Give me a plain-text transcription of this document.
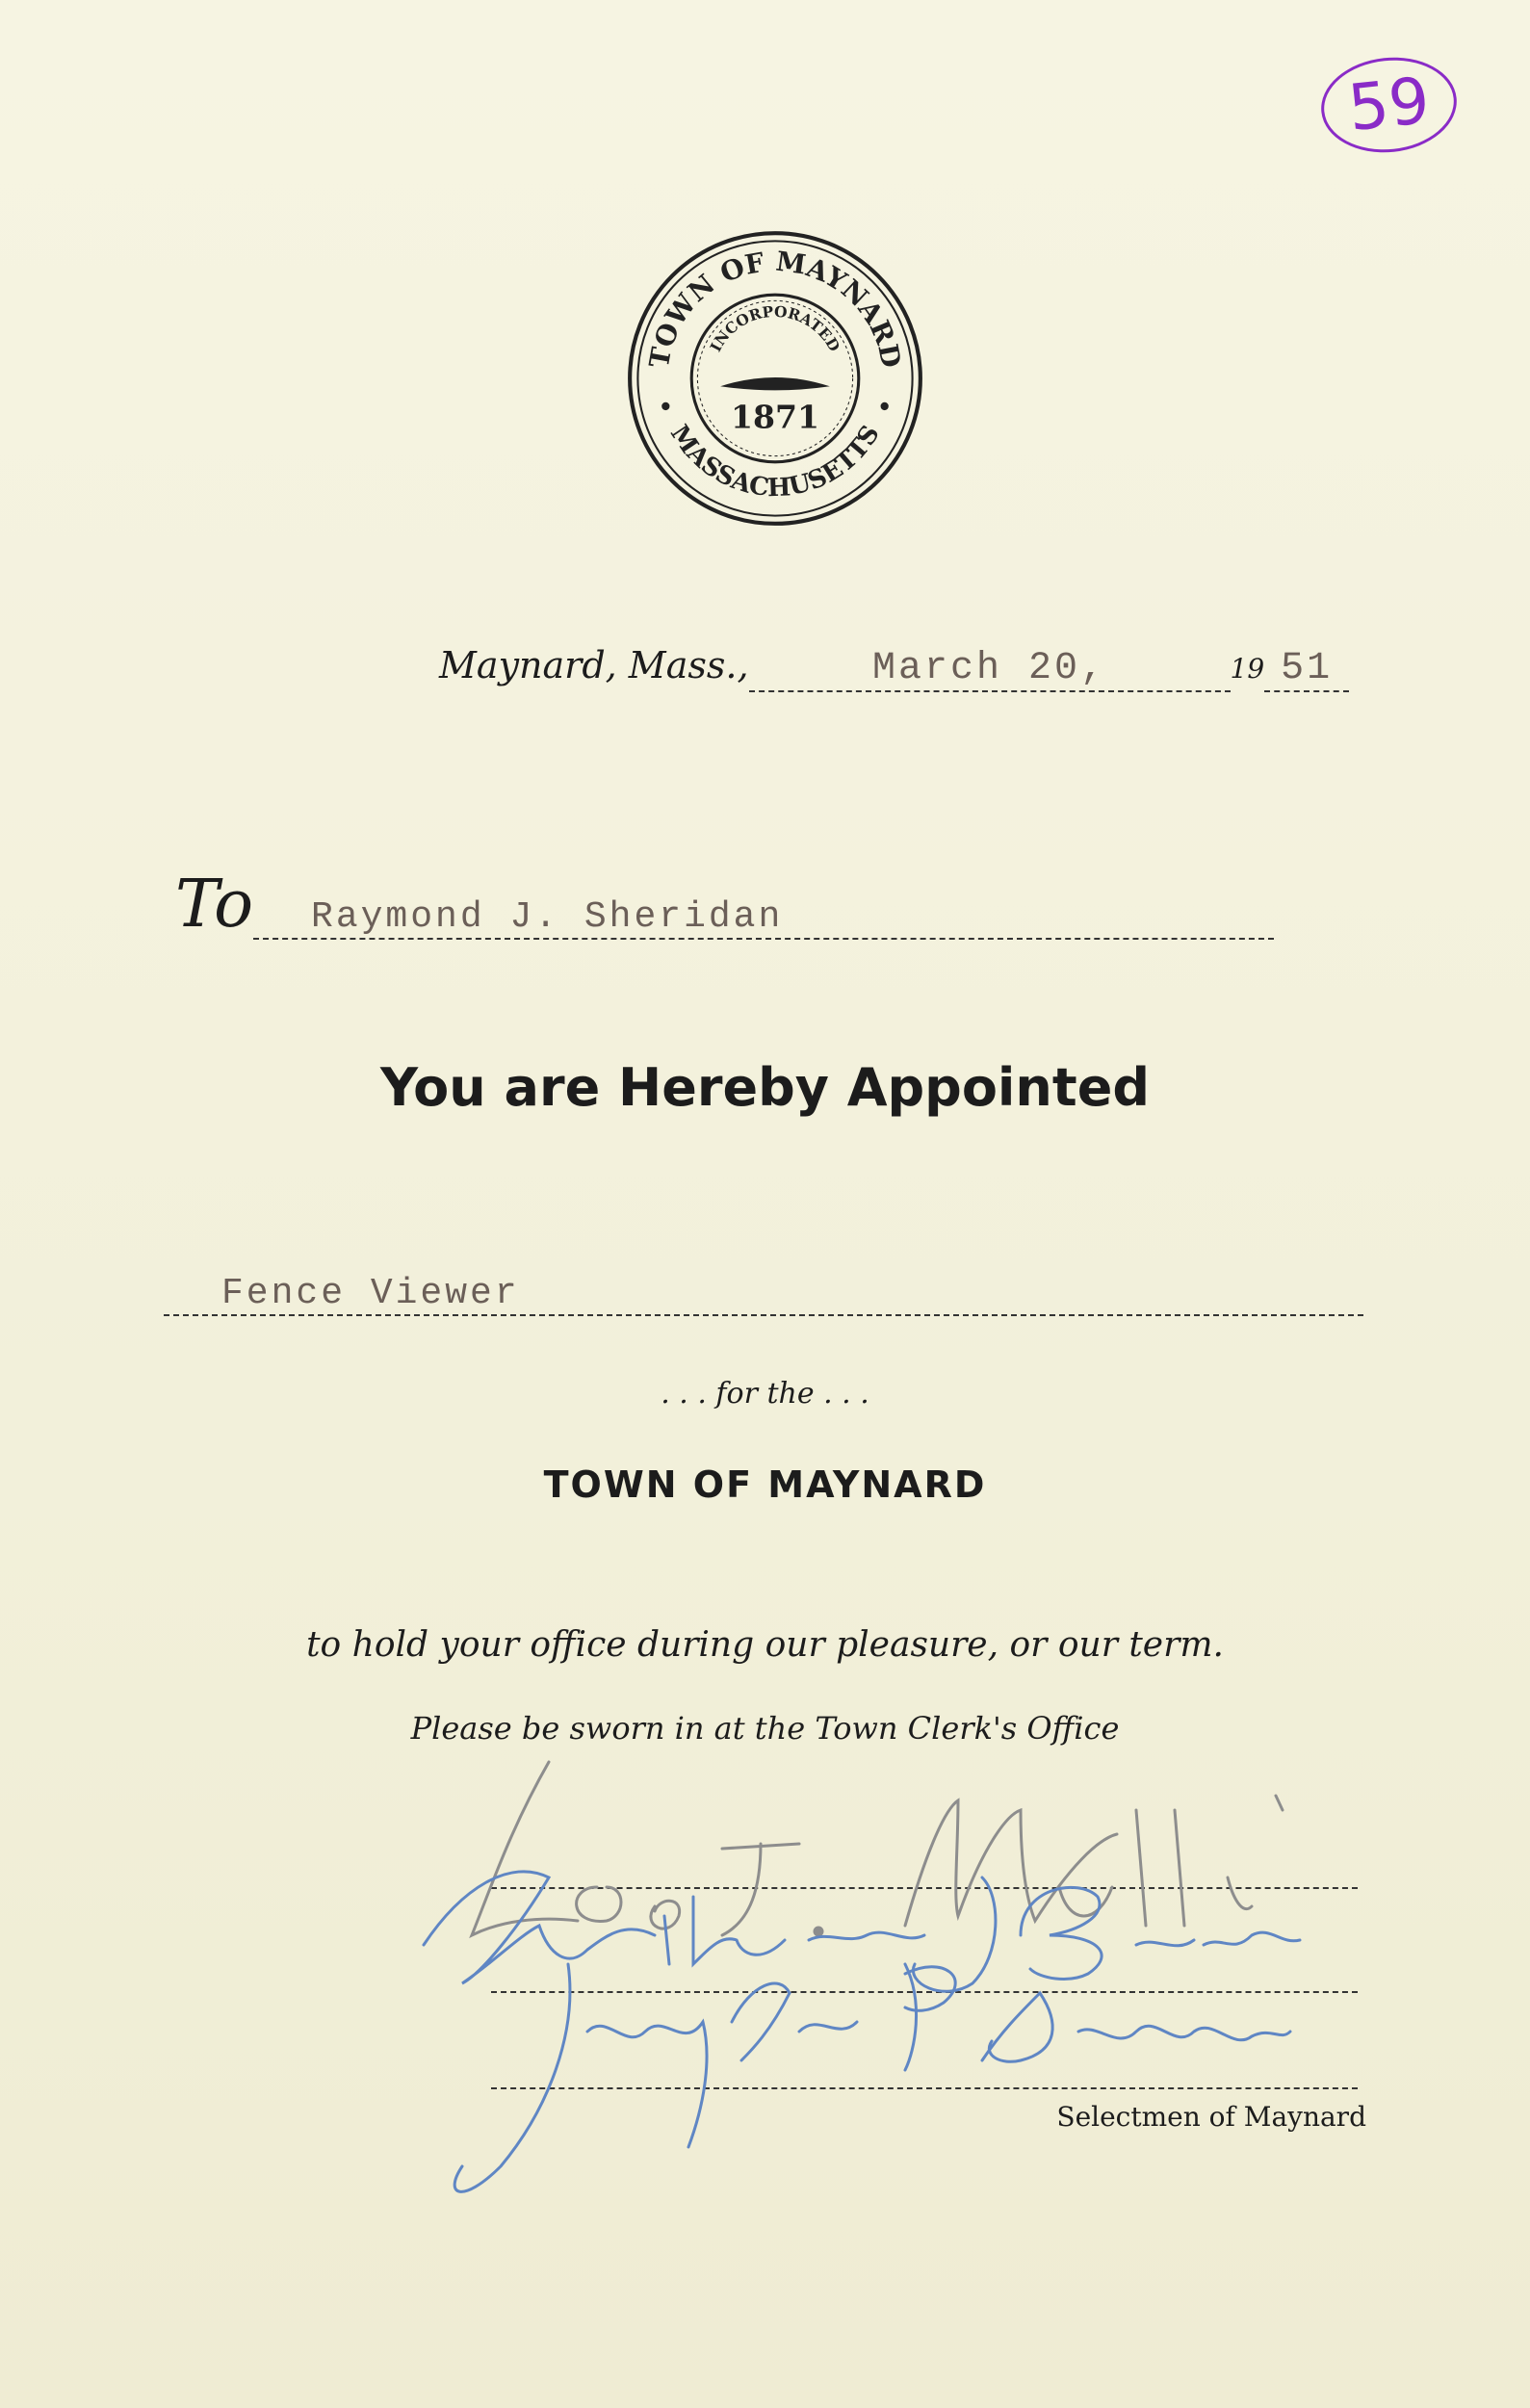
59
TOWN OF MAYNARD
MASSACHUSETTS
INCORPORATED
1871
Maynard, Mass.,	March 20,	19 51
To Raymond J. Sheridan
You are Hereby Appointed
Fence Viewer
. . . for the . . .
TOWN OF MAYNARD
to hold your office during our pleasure, or our term.
Please be sworn in at the Town Clerk's Office
Selectmen of Maynard
